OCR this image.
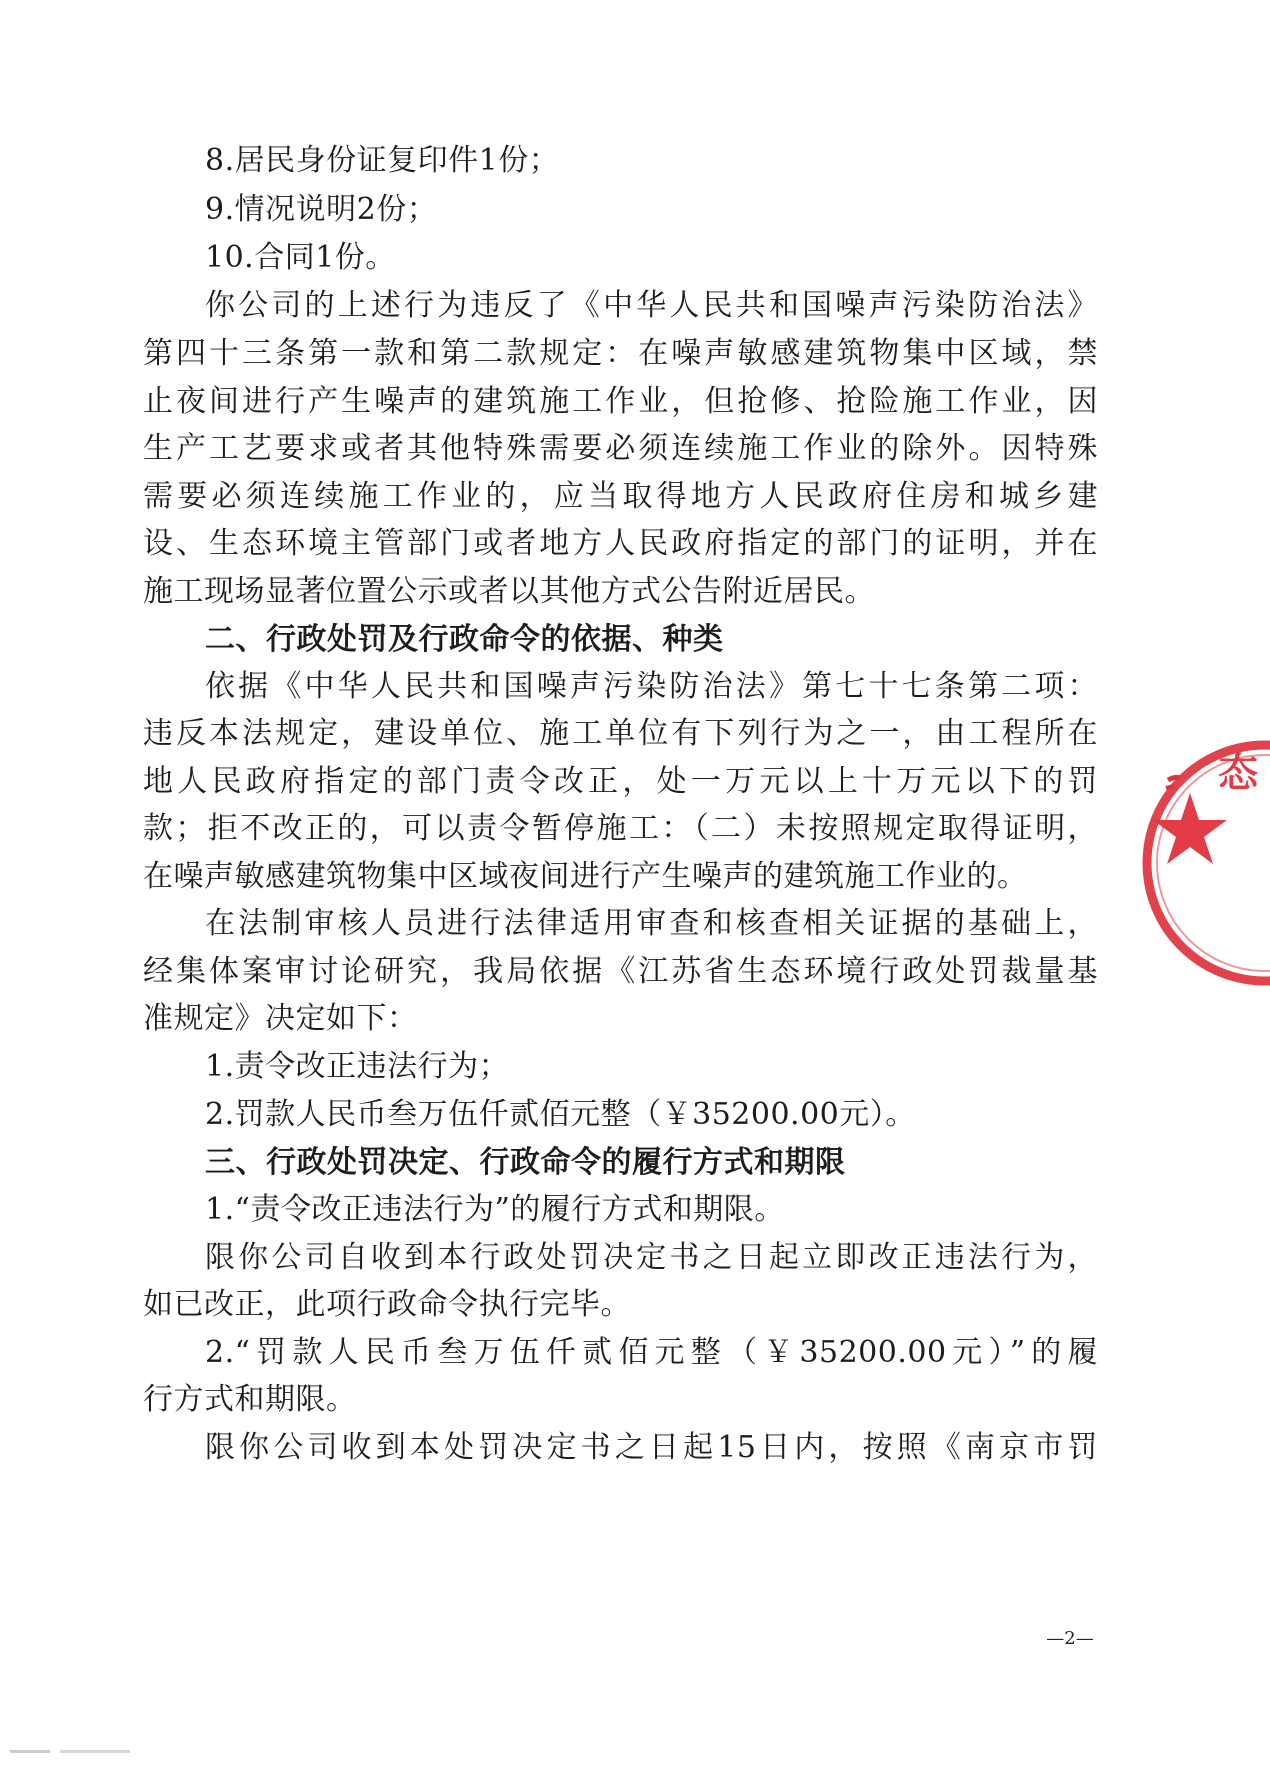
8.居民身份证复印件1份；
9.情况说明2份；
10.合同1份。
你公司的上述行为违反了《中华人民共和国噪声污染防治法》
第四十三条第一款和第二款规定：在噪声敏感建筑物集中区域，禁
止夜间进行产生噪声的建筑施工作业，但抢修、抢险施工作业，因
生产工艺要求或者其他特殊需要必须连续施工作业的除外。因特殊
需要必须连续施工作业的，应当取得地方人民政府住房和城乡建
设、生态环境主管部门或者地方人民政府指定的部门的证明，并在
施工现场显著位置公示或者以其他方式公告附近居民。
二、行政处罚及行政命令的依据、种类
依据《中华人民共和国噪声污染防治法》第七十七条第二项：
违反本法规定，建设单位、施工单位有下列行为之一，由工程所在
地人民政府指定的部门责令改正，处一万元以上十万元以下的罚
款；拒不改正的，可以责令暂停施工：（二）未按照规定取得证明，
在噪声敏感建筑物集中区域夜间进行产生噪声的建筑施工作业的。
在法制审核人员进行法律适用审查和核查相关证据的基础上，
经集体案审讨论研究，我局依据《江苏省生态环境行政处罚裁量基
准规定》决定如下：
1.责令改正违法行为；
2.罚款人民币叁万伍仟贰佰元整（￥35200.00元）。
三、行政处罚决定、行政命令的履行方式和期限
1.“责令改正违法行为”的履行方式和期限。
限你公司自收到本行政处罚决定书之日起立即改正违法行为，
如已改正，此项行政命令执行完毕。
2.“罚款人民币叁万伍仟贰佰元整（￥35200.00元）”的履
行方式和期限。
限你公司收到本处罚决定书之日起15日内，按照《南京市罚
—2—
态
